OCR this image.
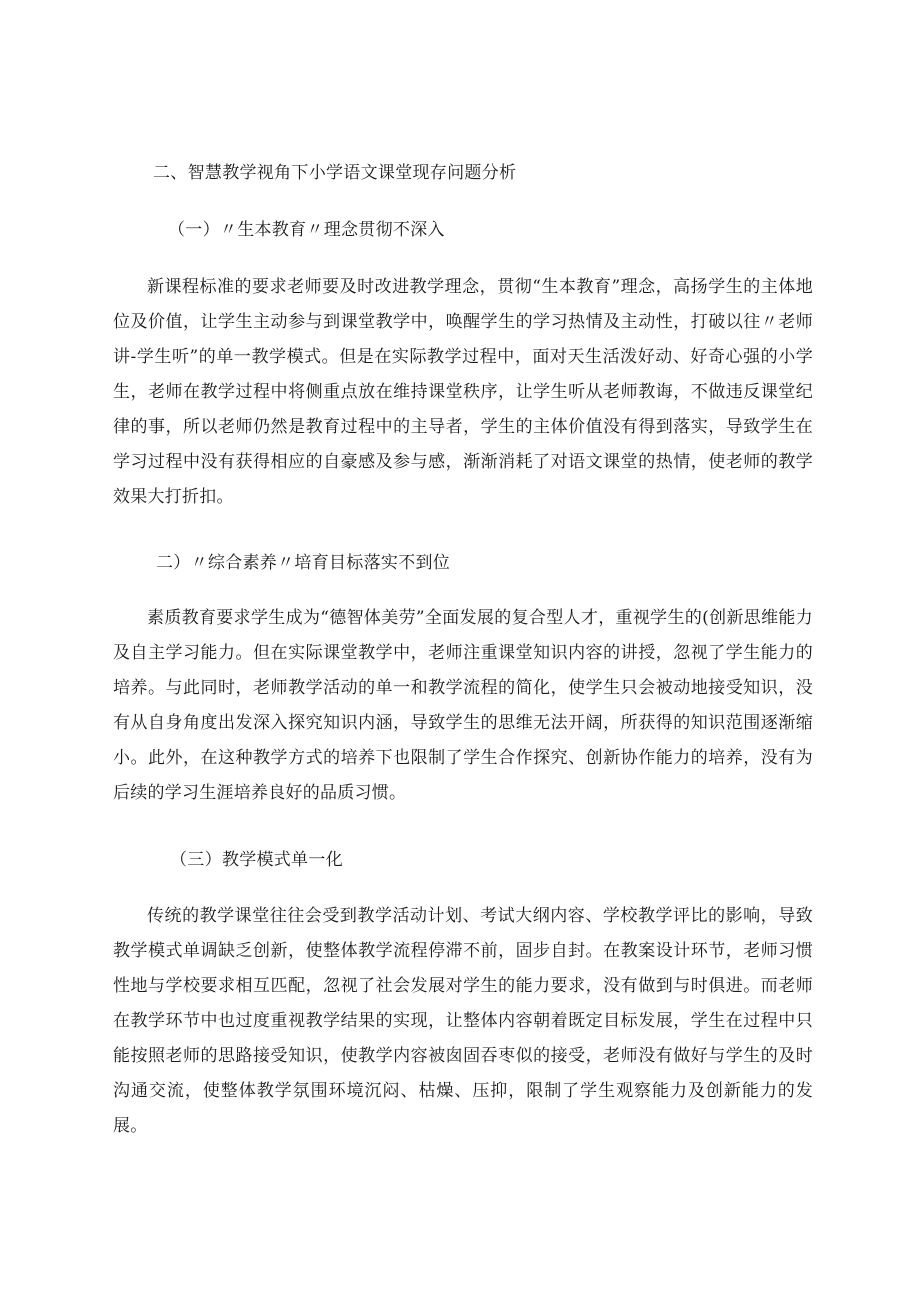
二、智慧教学视角下小学语文课堂现存问题分析
（一）〃生本教育〃理念贯彻不深入

新课程标准的要求老师要及时改进教学理念，贯彻“生本教育”理念，高扬学生的主体地位及价值，让学生主动参与到课堂教学中，唤醒学生的学习热情及主动性，打破以往〃老师讲-学生听”的单一教学模式。但是在实际教学过程中，面对天生活泼好动、好奇心强的小学生，老师在教学过程中将侧重点放在维持课堂秩序，让学生听从老师教诲，不做违反课堂纪律的事，所以老师仍然是教育过程中的主导者，学生的主体价值没有得到落实，导致学生在学习过程中没有获得相应的自豪感及参与感，渐渐消耗了对语文课堂的热情，使老师的教学效果大打折扣。

二）〃综合素养〃培育目标落实不到位

素质教育要求学生成为“德智体美劳”全面发展的复合型人才，重视学生的(创新思维能力及自主学习能力。但在实际课堂教学中，老师注重课堂知识内容的讲授，忽视了学生能力的培养。与此同时，老师教学活动的单一和教学流程的简化，使学生只会被动地接受知识，没有从自身角度出发深入探究知识内涵，导致学生的思维无法开阔，所获得的知识范围逐渐缩小。此外，在这种教学方式的培养下也限制了学生合作探究、创新协作能力的培养，没有为后续的学习生涯培养良好的品质习惯。

（三）教学模式单一化

传统的教学课堂往往会受到教学活动计划、考试大纲内容、学校教学评比的影响，导致教学模式单调缺乏创新，使整体教学流程停滞不前，固步自封。在教案设计环节，老师习惯性地与学校要求相互匹配，忽视了社会发展对学生的能力要求，没有做到与时俱进。而老师在教学环节中也过度重视教学结果的实现，让整体内容朝着既定目标发展，学生在过程中只能按照老师的思路接受知识，使教学内容被囱固吞枣似的接受，老师没有做好与学生的及时沟通交流，使整体教学氛围环境沉闷、枯燥、压抑，限制了学生观察能力及创新能力的发展。
